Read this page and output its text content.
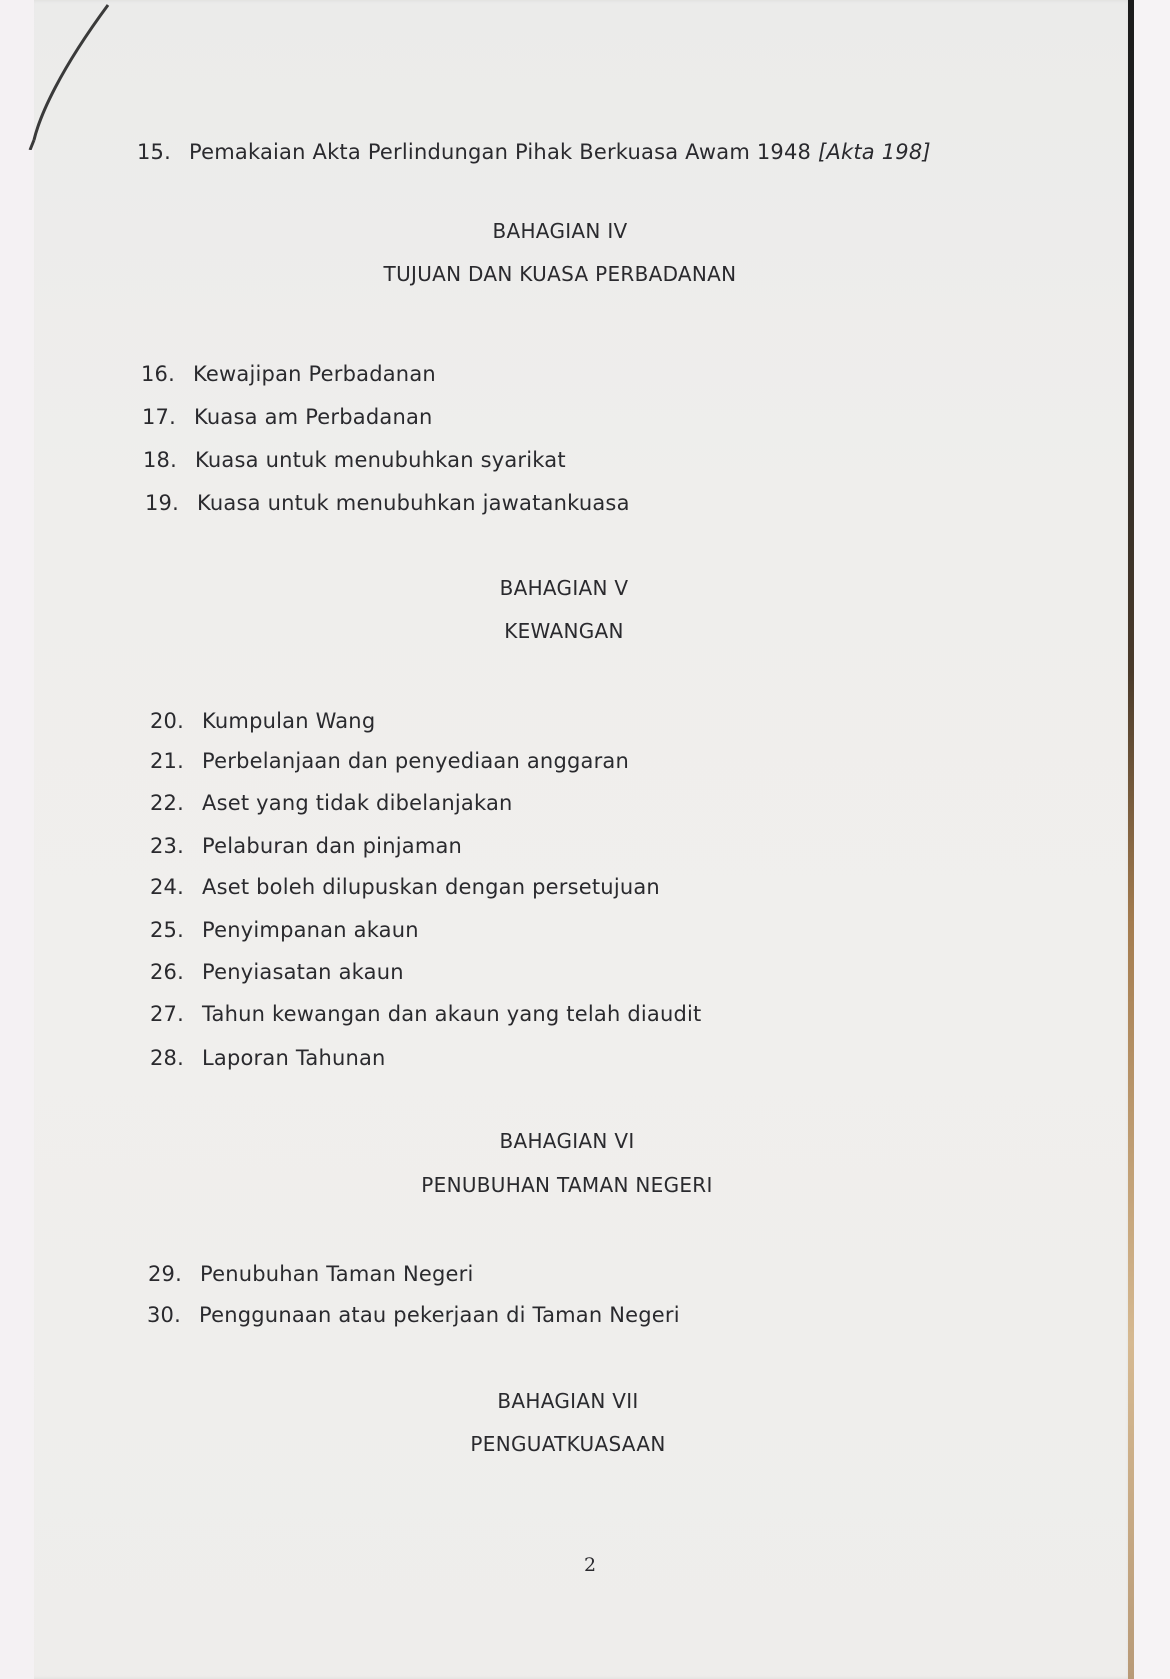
15. Pemakaian Akta Perlindungan Pihak Berkuasa Awam 1948 [Akta 198]
BAHAGIAN IV
TUJUAN DAN KUASA PERBADANAN
16. Kewajipan Perbadanan
17. Kuasa am Perbadanan
18. Kuasa untuk menubuhkan syarikat
19. Kuasa untuk menubuhkan jawatankuasa
BAHAGIAN V
KEWANGAN
20. Kumpulan Wang
21. Perbelanjaan dan penyediaan anggaran
22. Aset yang tidak dibelanjakan
23. Pelaburan dan pinjaman
24. Aset boleh dilupuskan dengan persetujuan
25. Penyimpanan akaun
26. Penyiasatan akaun
27. Tahun kewangan dan akaun yang telah diaudit
28. Laporan Tahunan
BAHAGIAN VI
PENUBUHAN TAMAN NEGERI
29. Penubuhan Taman Negeri
30. Penggunaan atau pekerjaan di Taman Negeri
BAHAGIAN VII
PENGUATKUASAAN
2
